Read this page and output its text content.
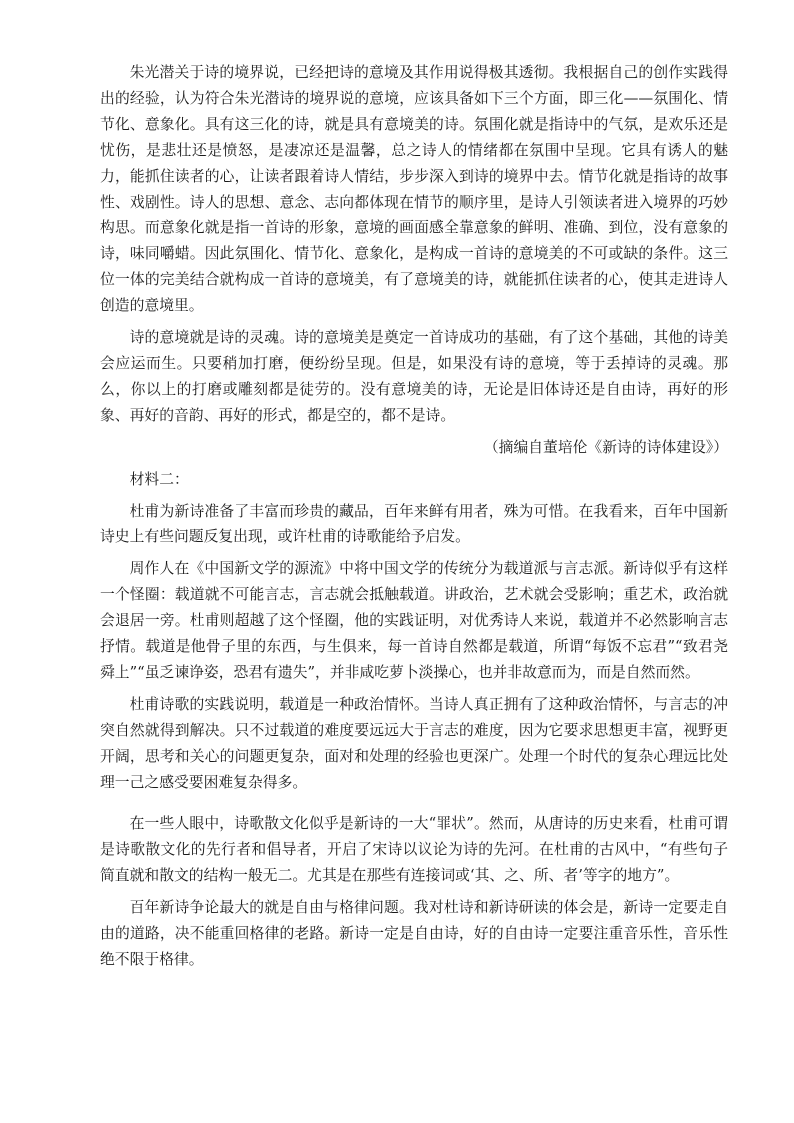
朱光潜关于诗的境界说，已经把诗的意境及其作用说得极其透彻。我根据自己的创作实践得出的经验，认为符合朱光潜诗的境界说的意境，应该具备如下三个方面，即三化——氛围化、情节化、意象化。具有这三化的诗，就是具有意境美的诗。氛围化就是指诗中的气氛，是欢乐还是忧伤，是悲壮还是愤怒，是凄凉还是温馨，总之诗人的情绪都在氛围中呈现。它具有诱人的魅力，能抓住读者的心，让读者跟着诗人情结，步步深入到诗的境界中去。情节化就是指诗的故事性、戏剧性。诗人的思想、意念、志向都体现在情节的顺序里，是诗人引领读者进入境界的巧妙构思。而意象化就是指一首诗的形象，意境的画面感全靠意象的鲜明、准确、到位，没有意象的诗，味同嚼蜡。因此氛围化、情节化、意象化，是构成一首诗的意境美的不可或缺的条件。这三位一体的完美结合就构成一首诗的意境美，有了意境美的诗，就能抓住读者的心，使其走进诗人创造的意境里。

诗的意境就是诗的灵魂。诗的意境美是奠定一首诗成功的基础，有了这个基础，其他的诗美会应运而生。只要稍加打磨，便纷纷呈现。但是，如果没有诗的意境，等于丢掉诗的灵魂。那么，你以上的打磨或雕刻都是徒劳的。没有意境美的诗，无论是旧体诗还是自由诗，再好的形象、再好的音韵、再好的形式，都是空的，都不是诗。

（摘编自董培伦《新诗的诗体建设》）

材料二：

杜甫为新诗准备了丰富而珍贵的藏品，百年来鲜有用者，殊为可惜。在我看来，百年中国新诗史上有些问题反复出现，或许杜甫的诗歌能给予启发。

周作人在《中国新文学的源流》中将中国文学的传统分为载道派与言志派。新诗似乎有这样一个怪圈：载道就不可能言志，言志就会抵触载道。讲政治，艺术就会受影响；重艺术，政治就会退居一旁。杜甫则超越了这个怪圈，他的实践证明，对优秀诗人来说，载道并不必然影响言志抒情。载道是他骨子里的东西，与生俱来，每一首诗自然都是载道，所谓“每饭不忘君”“致君尧舜上”“虽乏谏诤姿，恐君有遗失”，并非咸吃萝卜淡操心，也并非故意而为，而是自然而然。

杜甫诗歌的实践说明，载道是一种政治情怀。当诗人真正拥有了这种政治情怀，与言志的冲突自然就得到解决。只不过载道的难度要远远大于言志的难度，因为它要求思想更丰富，视野更开阔，思考和关心的问题更复杂，面对和处理的经验也更深广。处理一个时代的复杂心理远比处理一己之感受要困难复杂得多。

在一些人眼中，诗歌散文化似乎是新诗的一大“罪状”。然而，从唐诗的历史来看，杜甫可谓是诗歌散文化的先行者和倡导者，开启了宋诗以议论为诗的先河。在杜甫的古风中，“有些句子简直就和散文的结构一般无二。尤其是在那些有连接词或‘其、之、所、者’等字的地方”。

百年新诗争论最大的就是自由与格律问题。我对杜诗和新诗研读的体会是，新诗一定要走自由的道路，决不能重回格律的老路。新诗一定是自由诗，好的自由诗一定要注重音乐性，音乐性绝不限于格律。
